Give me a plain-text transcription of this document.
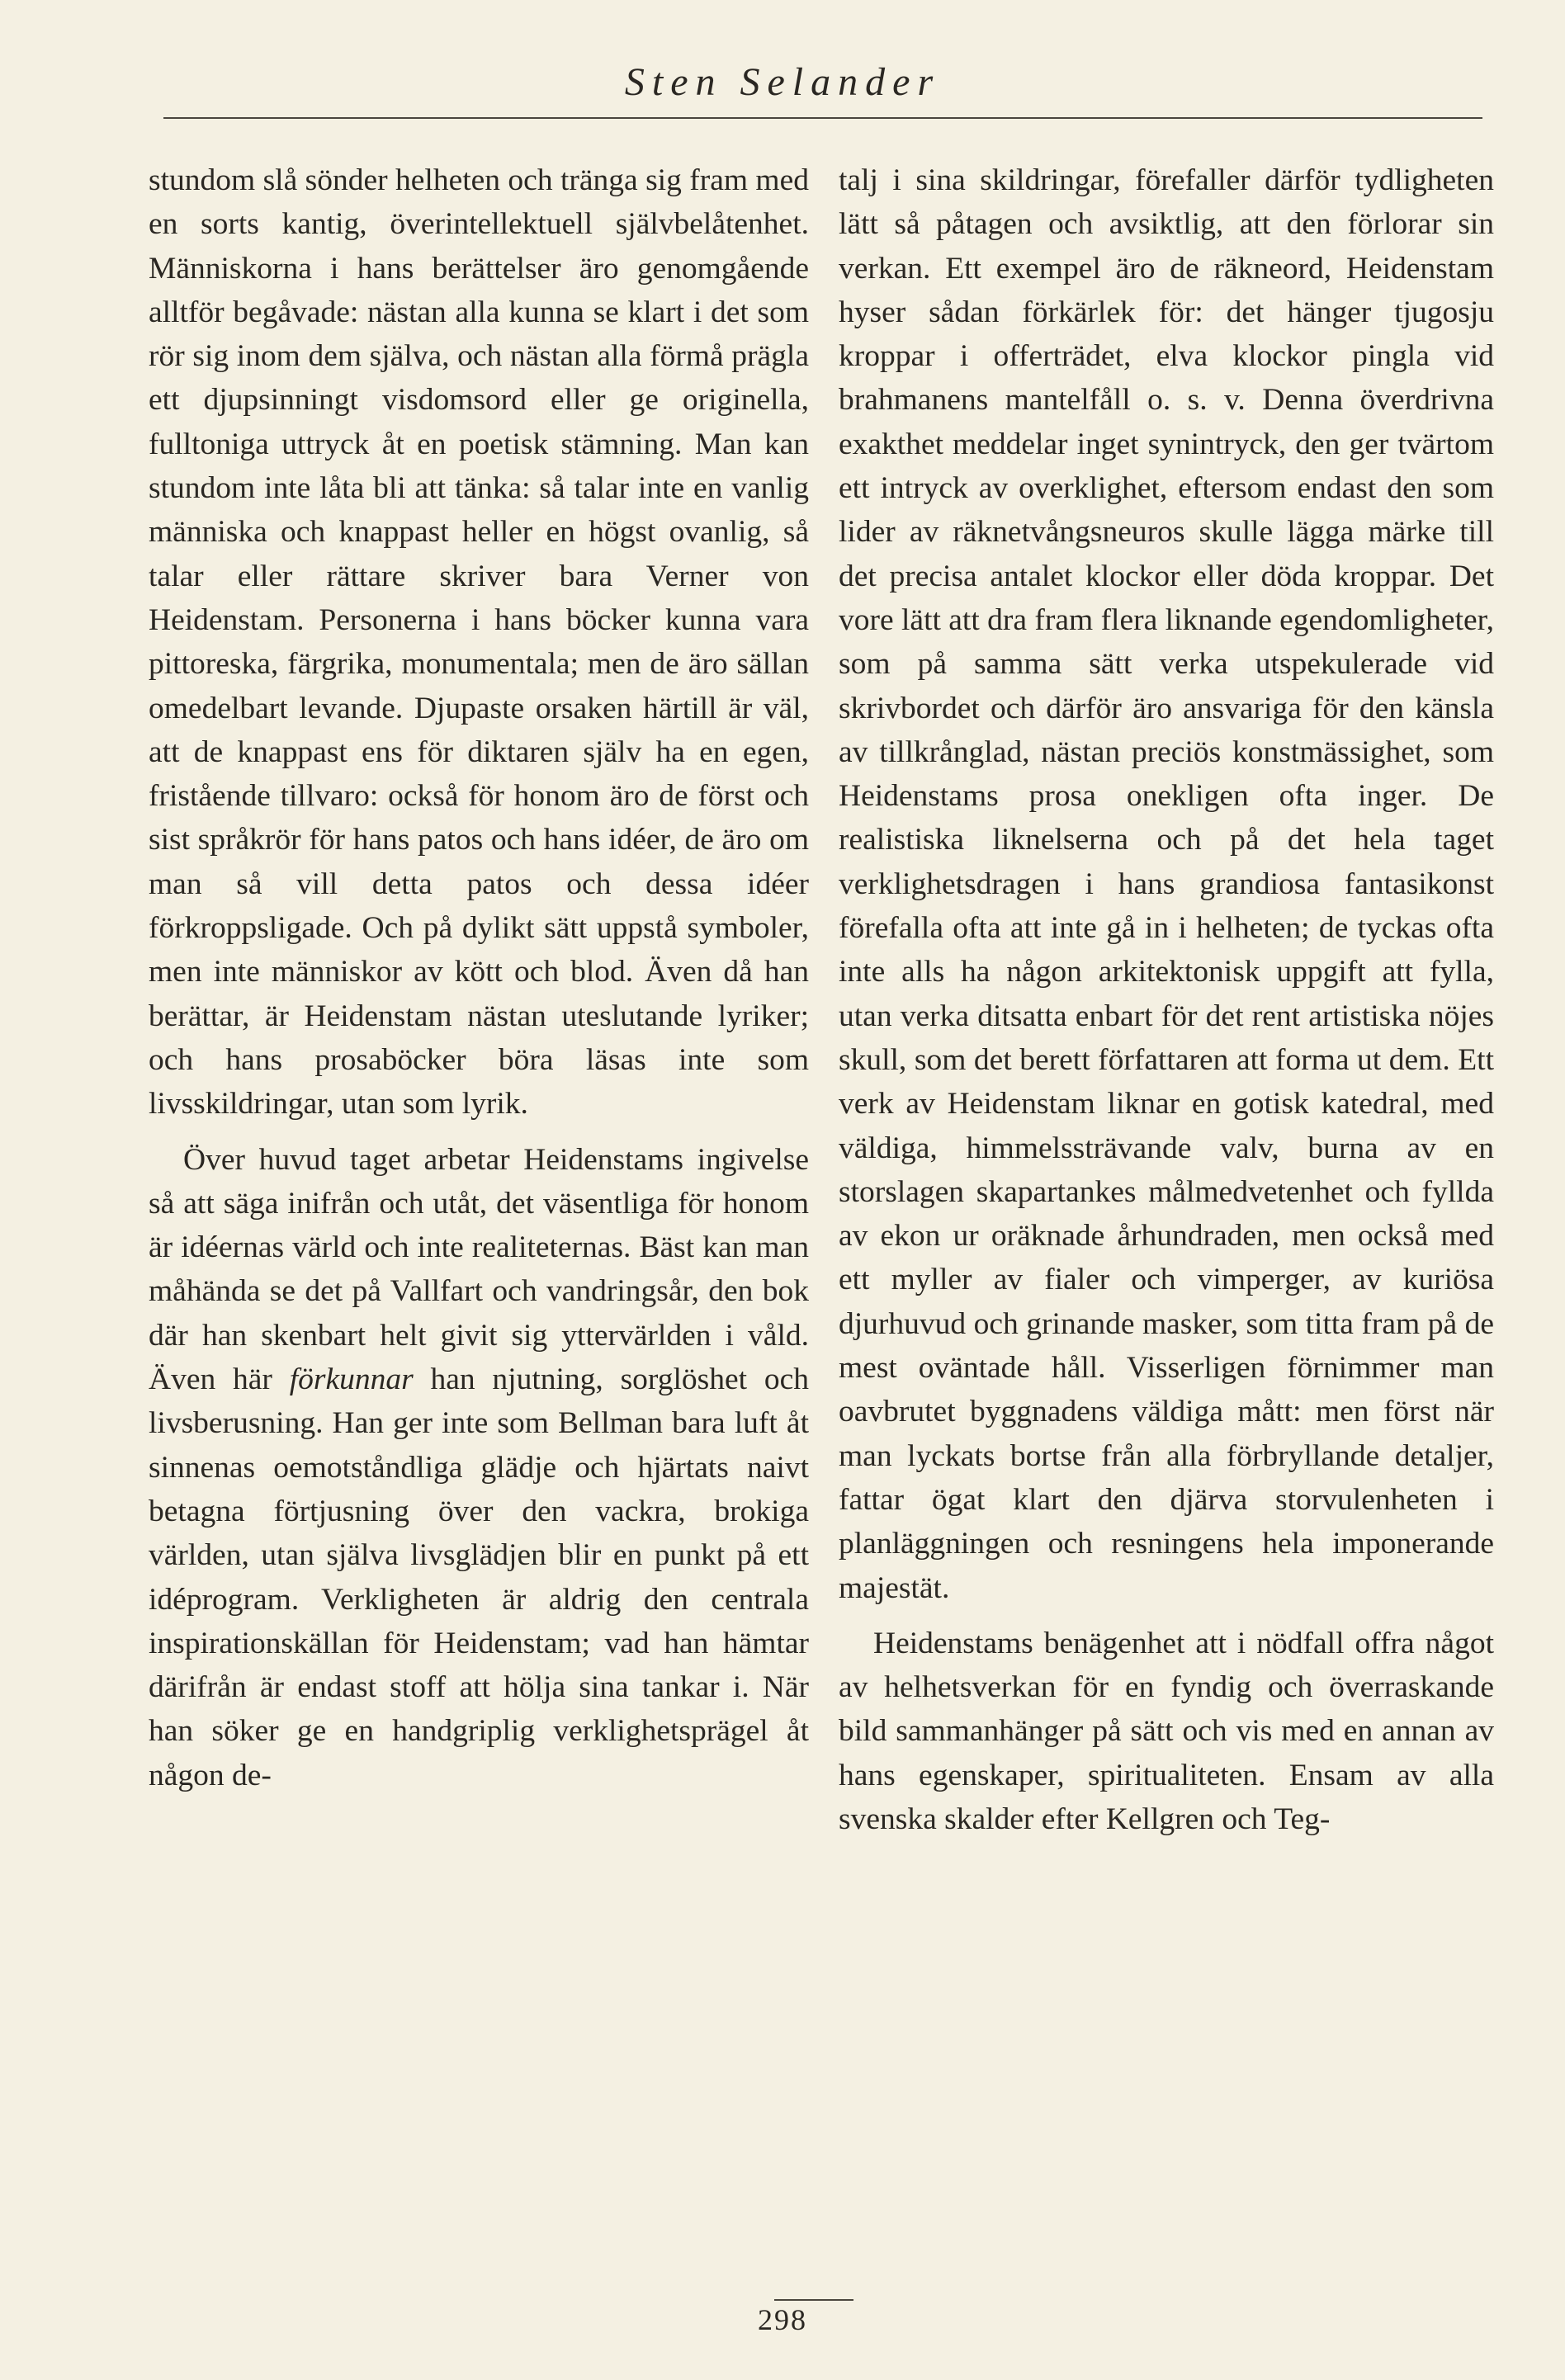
Sten Selander

stundom slå sönder helheten och tränga sig fram med en sorts kantig, överintellektuell självbelåtenhet. Människorna i hans berättelser äro genomgående alltför begåvade: nästan alla kunna se klart i det som rör sig inom dem själva, och nästan alla förmå prägla ett djupsinningt visdomsord eller ge originella, fulltoniga uttryck åt en poetisk stämning. Man kan stundom inte låta bli att tänka: så talar inte en vanlig människa och knappast heller en högst ovanlig, så talar eller rättare skriver bara Verner von Heidenstam. Personerna i hans böcker kunna vara pittoreska, färgrika, monumentala; men de äro sällan omedelbart levande. Djupaste orsaken härtill är väl, att de knappast ens för diktaren själv ha en egen, fristående tillvaro: också för honom äro de först och sist språkrör för hans patos och hans idéer, de äro om man så vill detta patos och dessa idéer förkroppsligade. Och på dylikt sätt uppstå symboler, men inte människor av kött och blod. Även då han berättar, är Heidenstam nästan uteslutande lyriker; och hans prosaböcker böra läsas inte som livsskildringar, utan som lyrik.

Över huvud taget arbetar Heidenstams ingivelse så att säga inifrån och utåt, det väsentliga för honom är idéernas värld och inte realiteternas. Bäst kan man måhända se det på Vallfart och vandringsår, den bok där han skenbart helt givit sig yttervärlden i våld. Även här förkunnar han njutning, sorglöshet och livsberusning. Han ger inte som Bellman bara luft åt sinnenas oemotståndliga glädje och hjärtats naivt betagna förtjusning över den vackra, brokiga världen, utan själva livsglädjen blir en punkt på ett idéprogram. Verkligheten är aldrig den centrala inspirationskällan för Heidenstam; vad han hämtar därifrån är endast stoff att hölja sina tankar i. När han söker ge en handgriplig verklighetsprägel åt någon de-

talj i sina skildringar, förefaller därför tydligheten lätt så påtagen och avsiktlig, att den förlorar sin verkan. Ett exempel äro de räkneord, Heidenstam hyser sådan förkärlek för: det hänger tjugosju kroppar i offerträdet, elva klockor pingla vid brahmanens mantelfåll o. s. v. Denna överdrivna exakthet meddelar inget synintryck, den ger tvärtom ett intryck av overklighet, eftersom endast den som lider av räknetvångsneuros skulle lägga märke till det precisa antalet klockor eller döda kroppar. Det vore lätt att dra fram flera liknande egendomligheter, som på samma sätt verka utspekulerade vid skrivbordet och därför äro ansvariga för den känsla av tillkrånglad, nästan preciös konstmässighet, som Heidenstams prosa onekligen ofta inger. De realistiska liknelserna och på det hela taget verklighetsdragen i hans grandiosa fantasikonst förefalla ofta att inte gå in i helheten; de tyckas ofta inte alls ha någon arkitektonisk uppgift att fylla, utan verka ditsatta enbart för det rent artistiska nöjes skull, som det berett författaren att forma ut dem. Ett verk av Heidenstam liknar en gotisk katedral, med väldiga, himmelssträvande valv, burna av en storslagen skapartankes målmedvetenhet och fyllda av ekon ur oräknade århundraden, men också med ett myller av fialer och vimperger, av kuriösa djurhuvud och grinande masker, som titta fram på de mest oväntade håll. Visserligen förnimmer man oavbrutet byggnadens väldiga mått: men först när man lyckats bortse från alla förbryllande detaljer, fattar ögat klart den djärva storvulenheten i planläggningen och resningens hela imponerande majestät.

Heidenstams benägenhet att i nödfall offra något av helhetsverkan för en fyndig och överraskande bild sammanhänger på sätt och vis med en annan av hans egenskaper, spiritualiteten. Ensam av alla svenska skalder efter Kellgren och Teg-

298
